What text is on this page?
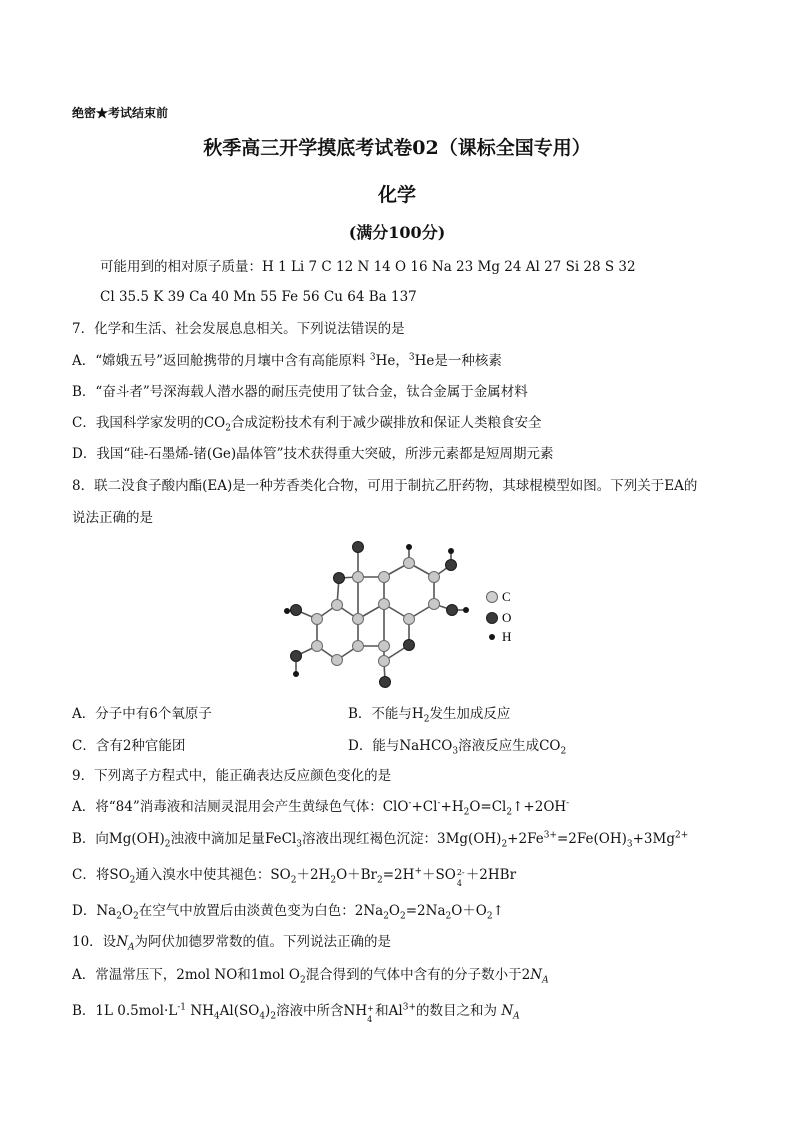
绝密★考试结束前
秋季高三开学摸底考试卷02（课标全国专用）
化学
(满分100分)
可能用到的相对原子质量：H 1 Li 7 C 12 N 14 O 16 Na 23 Mg 24 Al 27 Si 28 S 32
Cl 35.5 K 39 Ca 40 Mn 55 Fe 56 Cu 64 Ba 137
7．化学和生活、社会发展息息相关。下列说法错误的是
A．“嫦娥五号”返回舱携带的月壤中含有高能原料 $^3$He，$^3$He是一种核素
B．“奋斗者”号深海载人潜水器的耐压壳使用了钛合金，钛合金属于金属材料
C．我国科学家发明的$CO_2$合成淀粉技术有利于减少碳排放和保证人类粮食安全
D．我国“硅-石墨烯-锗(Ge)晶体管”技术获得重大突破，所涉元素都是短周期元素
8．联二没食子酸内酯(EA)是一种芳香类化合物，可用于制抗乙肝药物，其球棍模型如图。下列关于EA的
说法正确的是
C
O
H
A．分子中有6个氧原子	B．不能与$H_2$发生加成反应
C．含有2种官能团	D．能与NaHCO$_3$溶液反应生成$CO_2$
9．下列离子方程式中，能正确表达反应颜色变化的是
A．将“84”消毒液和洁厕灵混用会产生黄绿色气体：$ClO^-+Cl^-+H_2O=Cl_2↑+2OH^-$
B．向$Mg(OH)_2$浊液中滴加足量FeCl$_3$溶液出现红褐色沉淀：$3Mg(OH)_2+2Fe^{3+}=2Fe(OH)_3+3Mg^{2+}$
C．将$SO_2$通入溴水中使其褪色：$SO_2+2H_2O+Br_2=2H^++SO$ 2-
4 ＋2HBr
D．$Na_2O_2$在空气中放置后由淡黄色变为白色：$2Na_2O_2=2Na_2O+O_2↑$
10．设$N_A$为阿伏加德罗常数的值。下列说法正确的是
A．常温常压下，2mol NO和1mol $O_2$混合得到的气体中含有的分子数小于$2N_A$
B．1L $0.5mol\cdot L^{-1}$ $NH_4Al(SO_4)_2$溶液中所含NH +
4 和$Al^{3+}$的数目之和为 $N_A$
